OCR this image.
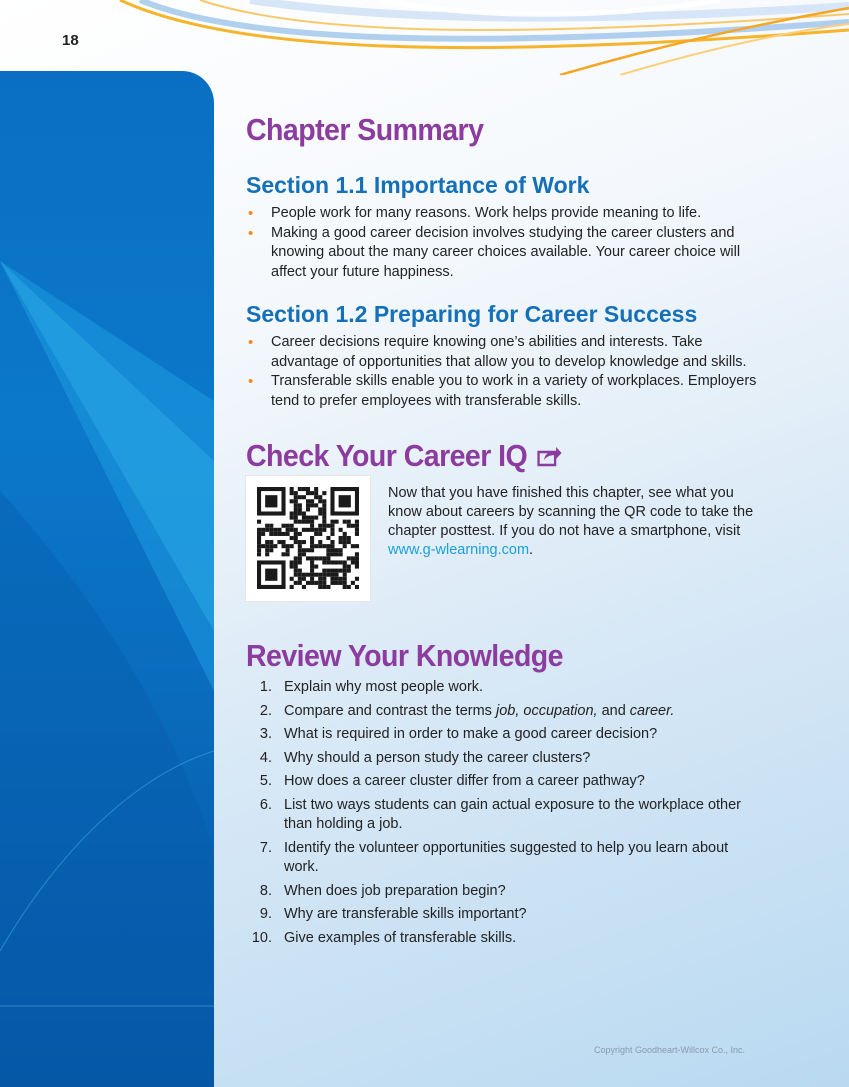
18
Chapter Summary
Section 1.1 Importance of Work
• People work for many reasons. Work helps provide meaning to life.
• Making a good career decision involves studying the career clusters and knowing about the many career choices available. Your career choice will affect your future happiness.
Section 1.2 Preparing for Career Success
• Career decisions require knowing one’s abilities and interests. Take advantage of opportunities that allow you to develop knowledge and skills.
• Transferable skills enable you to work in a variety of workplaces. Employers tend to prefer employees with transferable skills.
Check Your Career IQ

Now that you have finished this chapter, see what you know about careers by scanning the QR code to take the chapter posttest. If you do not have a smartphone, visit www.g-wlearning.com.

Review Your Knowledge
1. Explain why most people work.
2. Compare and contrast the terms job, occupation, and career.
3. What is required in order to make a good career decision?
4. Why should a person study the career clusters?
5. How does a career cluster differ from a career pathway?
6. List two ways students can gain actual exposure to the workplace other than holding a job.
7. Identify the volunteer opportunities suggested to help you learn about work.
8. When does job preparation begin?
9. Why are transferable skills important?
10. Give examples of transferable skills.
Copyright Goodheart-Willcox Co., Inc.
